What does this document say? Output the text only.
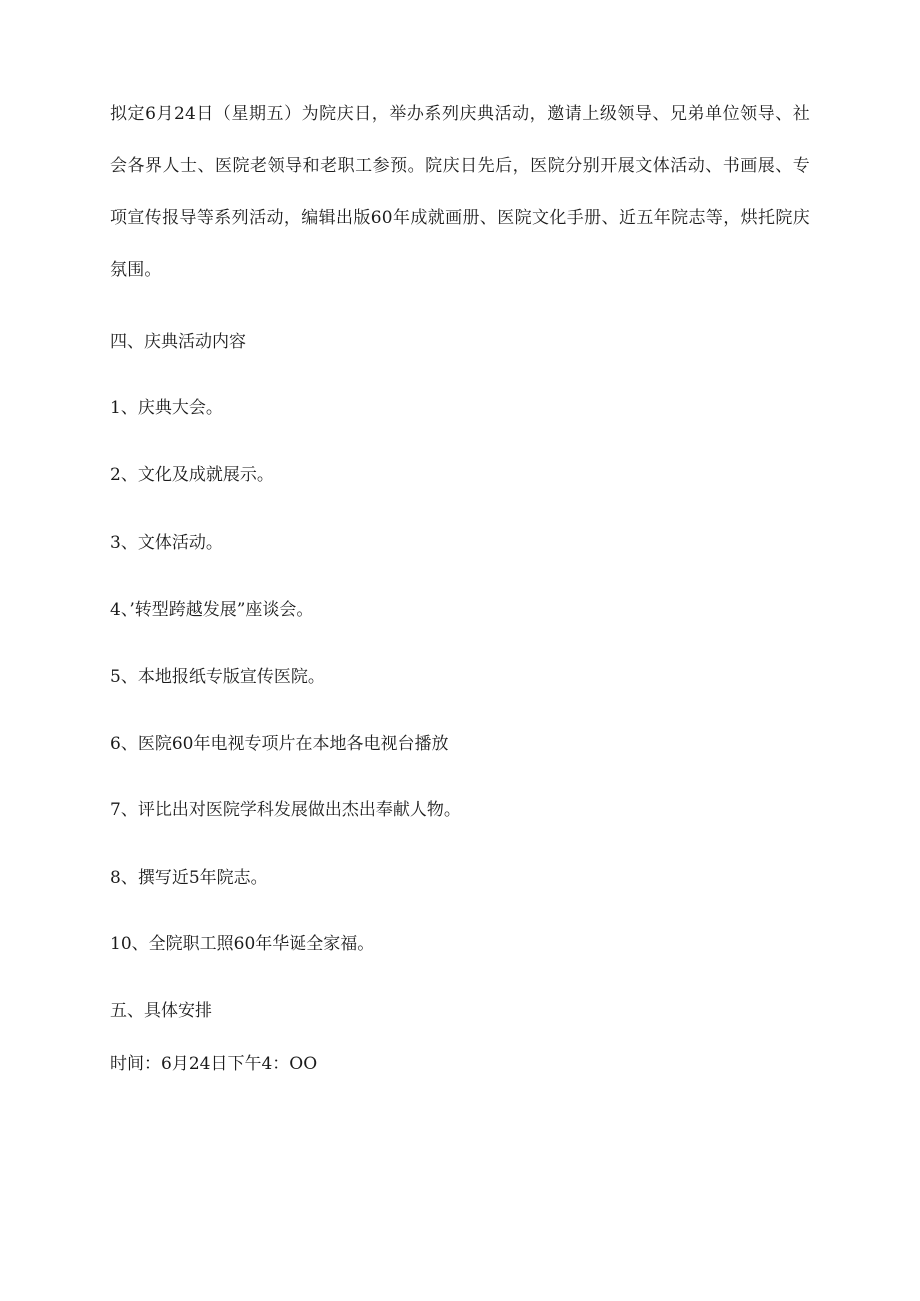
拟定6月24日（星期五）为院庆日，举办系列庆典活动，邀请上级领导、兄弟单位领导、社会各界人士、医院老领导和老职工参预。院庆日先后，医院分别开展文体活动、书画展、专项宣传报导等系列活动，编辑出版60年成就画册、医院文化手册、近五年院志等，烘托院庆氛围。

四、庆典活动内容

1、庆典大会。

2、文化及成就展示。

3、文体活动。

4、’转型跨越发展”座谈会。

5、本地报纸专版宣传医院。

6、医院60年电视专项片在本地各电视台播放

7、评比出对医院学科发展做出杰出奉献人物。

8、撰写近5年院志。

10、全院职工照60年华诞全家福。

五、具体安排

时间：6月24日下午4：OO
